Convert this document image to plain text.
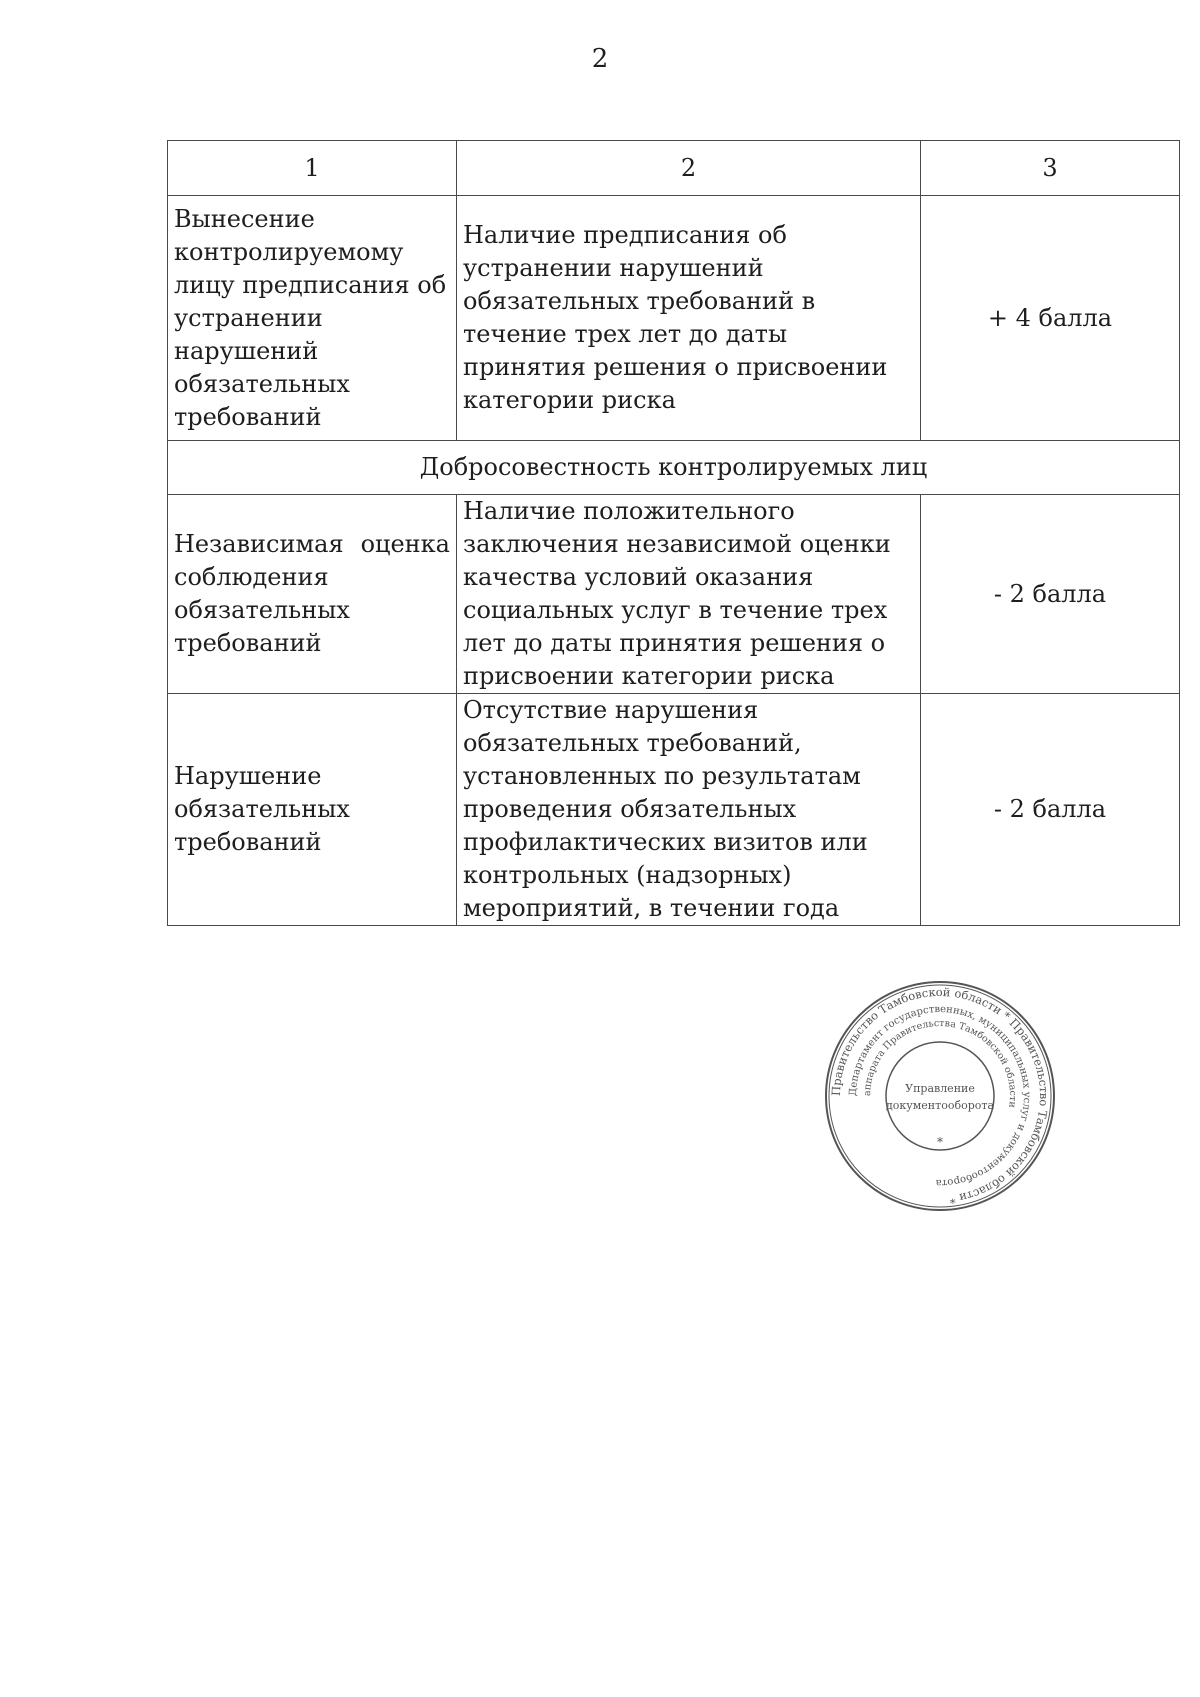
2
1	2	3
Вынесение контролируемому лицу предписания об устранении нарушений обязательных требований	Наличие предписания об устранении нарушений обязательных требований в течение трех лет до даты принятия решения о присвоении категории риска	+ 4 балла
Добросовестность контролируемых лиц		
Независимая оценка соблюдения обязательных требований	Наличие положительного заключения независимой оценки качества условий оказания социальных услуг в течение трех лет до даты принятия решения о присвоении категории риска	- 2 балла
Нарушение обязательных требований	Отсутствие нарушения обязательных требований, установленных по результатам проведения обязательных профилактических визитов или контрольных (надзорных) мероприятий, в течении года	- 2 балла
Правительство Тамбовской области * Правительство Тамбовской области *
Департамент государственных, муниципальных услуг и документооборота
аппарата Правительства Тамбовской области
Управление
документооборота
*
